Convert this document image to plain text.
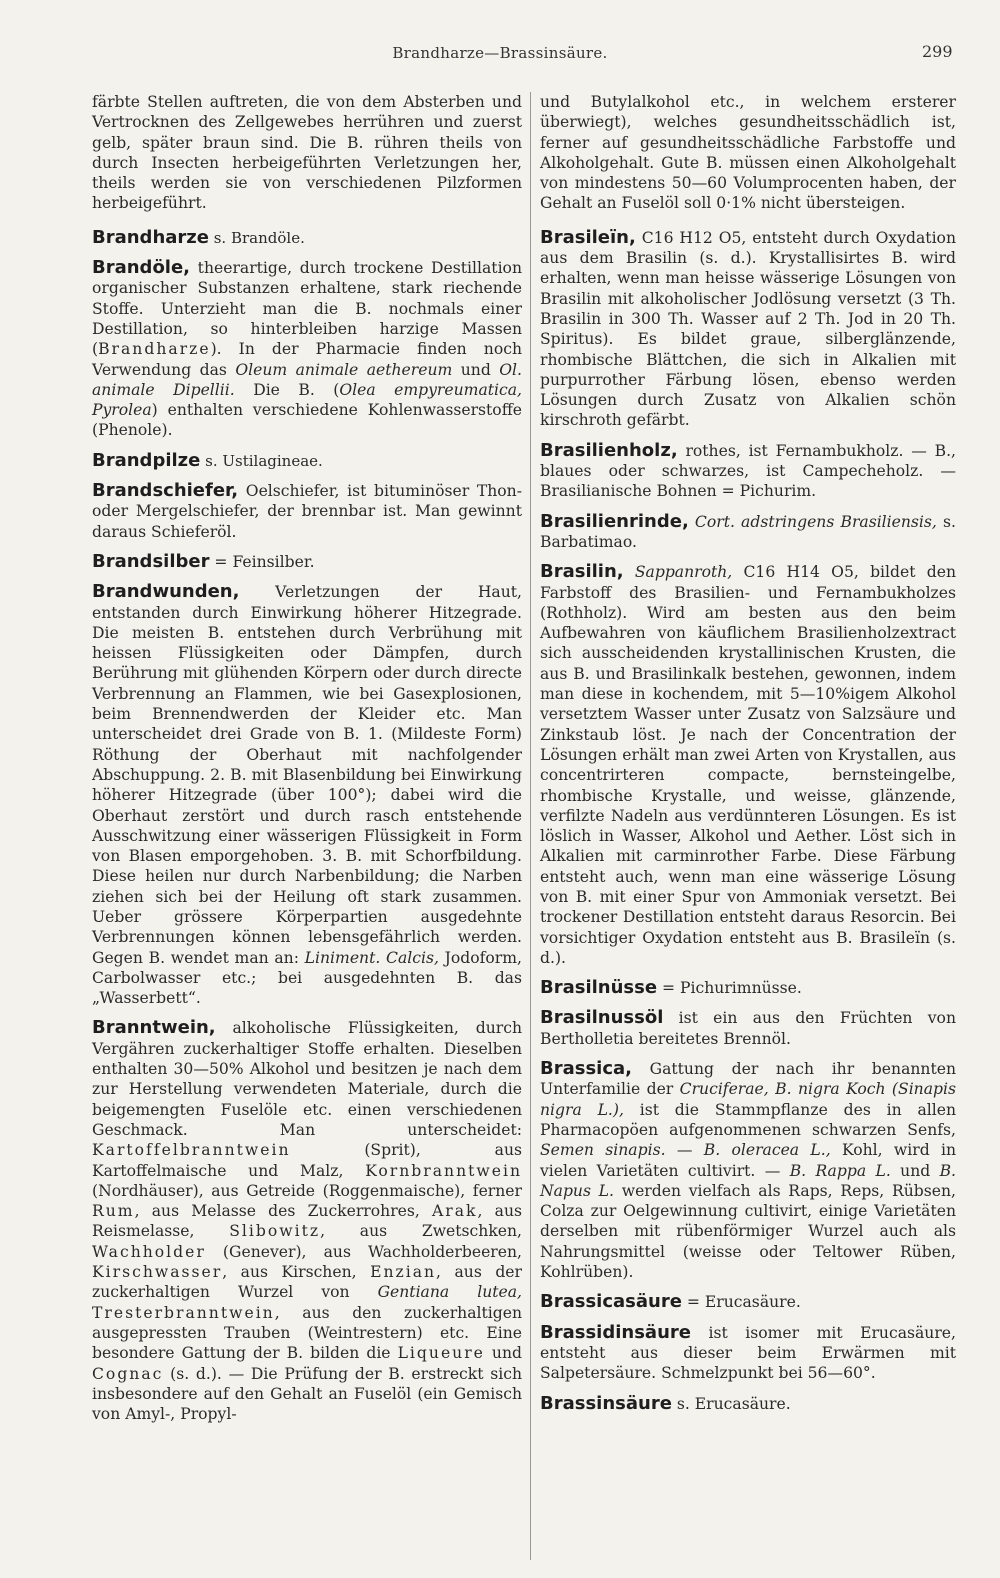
Brandharze—Brassinsäure.	299

färbte Stellen auftreten, die von dem Absterben und Vertrocknen des Zellgewebes herrühren und zuerst gelb, später braun sind. Die B. rühren theils von durch Insecten herbeigeführten Verletzungen her, theils werden sie von verschiedenen Pilzformen herbeigeführt.

Brandharze s. Brandöle.

Brandöle, theerartige, durch trockene Destillation organischer Substanzen erhaltene, stark riechende Stoffe. Unterzieht man die B. nochmals einer Destillation, so hinterbleiben harzige Massen (Brandharze). In der Pharmacie finden noch Verwendung das Oleum animale aethereum und Ol. animale Dipellii. Die B. (Olea empyreumatica, Pyrolea) enthalten verschiedene Kohlenwasserstoffe (Phenole).

Brandpilze s. Ustilagineae.

Brandschiefer, Oelschiefer, ist bituminöser Thon- oder Mergelschiefer, der brennbar ist. Man gewinnt daraus Schieferöl.

Brandsilber = Feinsilber.

Brandwunden, Verletzungen der Haut, entstanden durch Einwirkung höherer Hitzegrade. Die meisten B. entstehen durch Verbrühung mit heissen Flüssigkeiten oder Dämpfen, durch Berührung mit glühenden Körpern oder durch directe Verbrennung an Flammen, wie bei Gasexplosionen, beim Brennendwerden der Kleider etc. Man unterscheidet drei Grade von B. 1. (Mildeste Form) Röthung der Oberhaut mit nachfolgender Abschuppung. 2. B. mit Blasenbildung bei Einwirkung höherer Hitzegrade (über 100°); dabei wird die Oberhaut zerstört und durch rasch entstehende Ausschwitzung einer wässerigen Flüssigkeit in Form von Blasen emporgehoben. 3. B. mit Schorfbildung. Diese heilen nur durch Narbenbildung; die Narben ziehen sich bei der Heilung oft stark zusammen. Ueber grössere Körperpartien ausgedehnte Verbrennungen können lebensgefährlich werden. Gegen B. wendet man an: Liniment. Calcis, Jodoform, Carbolwasser etc.; bei ausgedehnten B. das „Wasserbett“.

Branntwein, alkoholische Flüssigkeiten, durch Vergähren zuckerhaltiger Stoffe erhalten. Dieselben enthalten 30—50% Alkohol und besitzen je nach dem zur Herstellung verwendeten Materiale, durch die beigemengten Fuselöle etc. einen verschiedenen Geschmack. Man unterscheidet: Kartoffelbranntwein (Sprit), aus Kartoffelmaische und Malz, Kornbranntwein (Nordhäuser), aus Getreide (Roggenmaische), ferner Rum, aus Melasse des Zuckerrohres, Arak, aus Reismelasse, Slibowitz, aus Zwetschken, Wachholder (Genever), aus Wachholderbeeren, Kirschwasser, aus Kirschen, Enzian, aus der zuckerhaltigen Wurzel von Gentiana lutea, Tresterbranntwein, aus den zuckerhaltigen ausgepressten Trauben (Weintrestern) etc. Eine besondere Gattung der B. bilden die Liqueure und Cognac (s. d.). — Die Prüfung der B. erstreckt sich insbesondere auf den Gehalt an Fuselöl (ein Gemisch von Amyl-, Propyl-

und Butylalkohol etc., in welchem ersterer überwiegt), welches gesundheitsschädlich ist, ferner auf gesundheitsschädliche Farbstoffe und Alkoholgehalt. Gute B. müssen einen Alkoholgehalt von mindestens 50—60 Volumprocenten haben, der Gehalt an Fuselöl soll 0·1% nicht übersteigen.

Brasileïn, C16 H12 O5, entsteht durch Oxydation aus dem Brasilin (s. d.). Krystallisirtes B. wird erhalten, wenn man heisse wässerige Lösungen von Brasilin mit alkoholischer Jodlösung versetzt (3 Th. Brasilin in 300 Th. Wasser auf 2 Th. Jod in 20 Th. Spiritus). Es bildet graue, silberglänzende, rhombische Blättchen, die sich in Alkalien mit purpurrother Färbung lösen, ebenso werden Lösungen durch Zusatz von Alkalien schön kirschroth gefärbt.

Brasilienholz, rothes, ist Fernambukholz. — B., blaues oder schwarzes, ist Campecheholz. — Brasilianische Bohnen = Pichurim.

Brasilienrinde, Cort. adstringens Brasiliensis, s. Barbatimao.

Brasilin, Sappanroth, C16 H14 O5, bildet den Farbstoff des Brasilien- und Fernambukholzes (Rothholz). Wird am besten aus den beim Aufbewahren von käuflichem Brasilienholzextract sich ausscheidenden krystallinischen Krusten, die aus B. und Brasilinkalk bestehen, gewonnen, indem man diese in kochendem, mit 5—10%igem Alkohol versetztem Wasser unter Zusatz von Salzsäure und Zinkstaub löst. Je nach der Concentration der Lösungen erhält man zwei Arten von Krystallen, aus concentrirteren compacte, bernsteingelbe, rhombische Krystalle, und weisse, glänzende, verfilzte Nadeln aus verdünnteren Lösungen. Es ist löslich in Wasser, Alkohol und Aether. Löst sich in Alkalien mit carminrother Farbe. Diese Färbung entsteht auch, wenn man eine wässerige Lösung von B. mit einer Spur von Ammoniak versetzt. Bei trockener Destillation entsteht daraus Resorcin. Bei vorsichtiger Oxydation entsteht aus B. Brasileïn (s. d.).

Brasilnüsse = Pichurimnüsse.

Brasilnussöl ist ein aus den Früchten von Bertholletia bereitetes Brennöl.

Brassica, Gattung der nach ihr benannten Unterfamilie der Cruciferae, B. nigra Koch (Sinapis nigra L.), ist die Stammpflanze des in allen Pharmacopöen aufgenommenen schwarzen Senfs, Semen sinapis. — B. oleracea L., Kohl, wird in vielen Varietäten cultivirt. — B. Rappa L. und B. Napus L. werden vielfach als Raps, Reps, Rübsen, Colza zur Oelgewinnung cultivirt, einige Varietäten derselben mit rübenförmiger Wurzel auch als Nahrungsmittel (weisse oder Teltower Rüben, Kohlrüben).

Brassicasäure = Erucasäure.

Brassidinsäure ist isomer mit Erucasäure, entsteht aus dieser beim Erwärmen mit Salpetersäure. Schmelzpunkt bei 56—60°.

Brassinsäure s. Erucasäure.
